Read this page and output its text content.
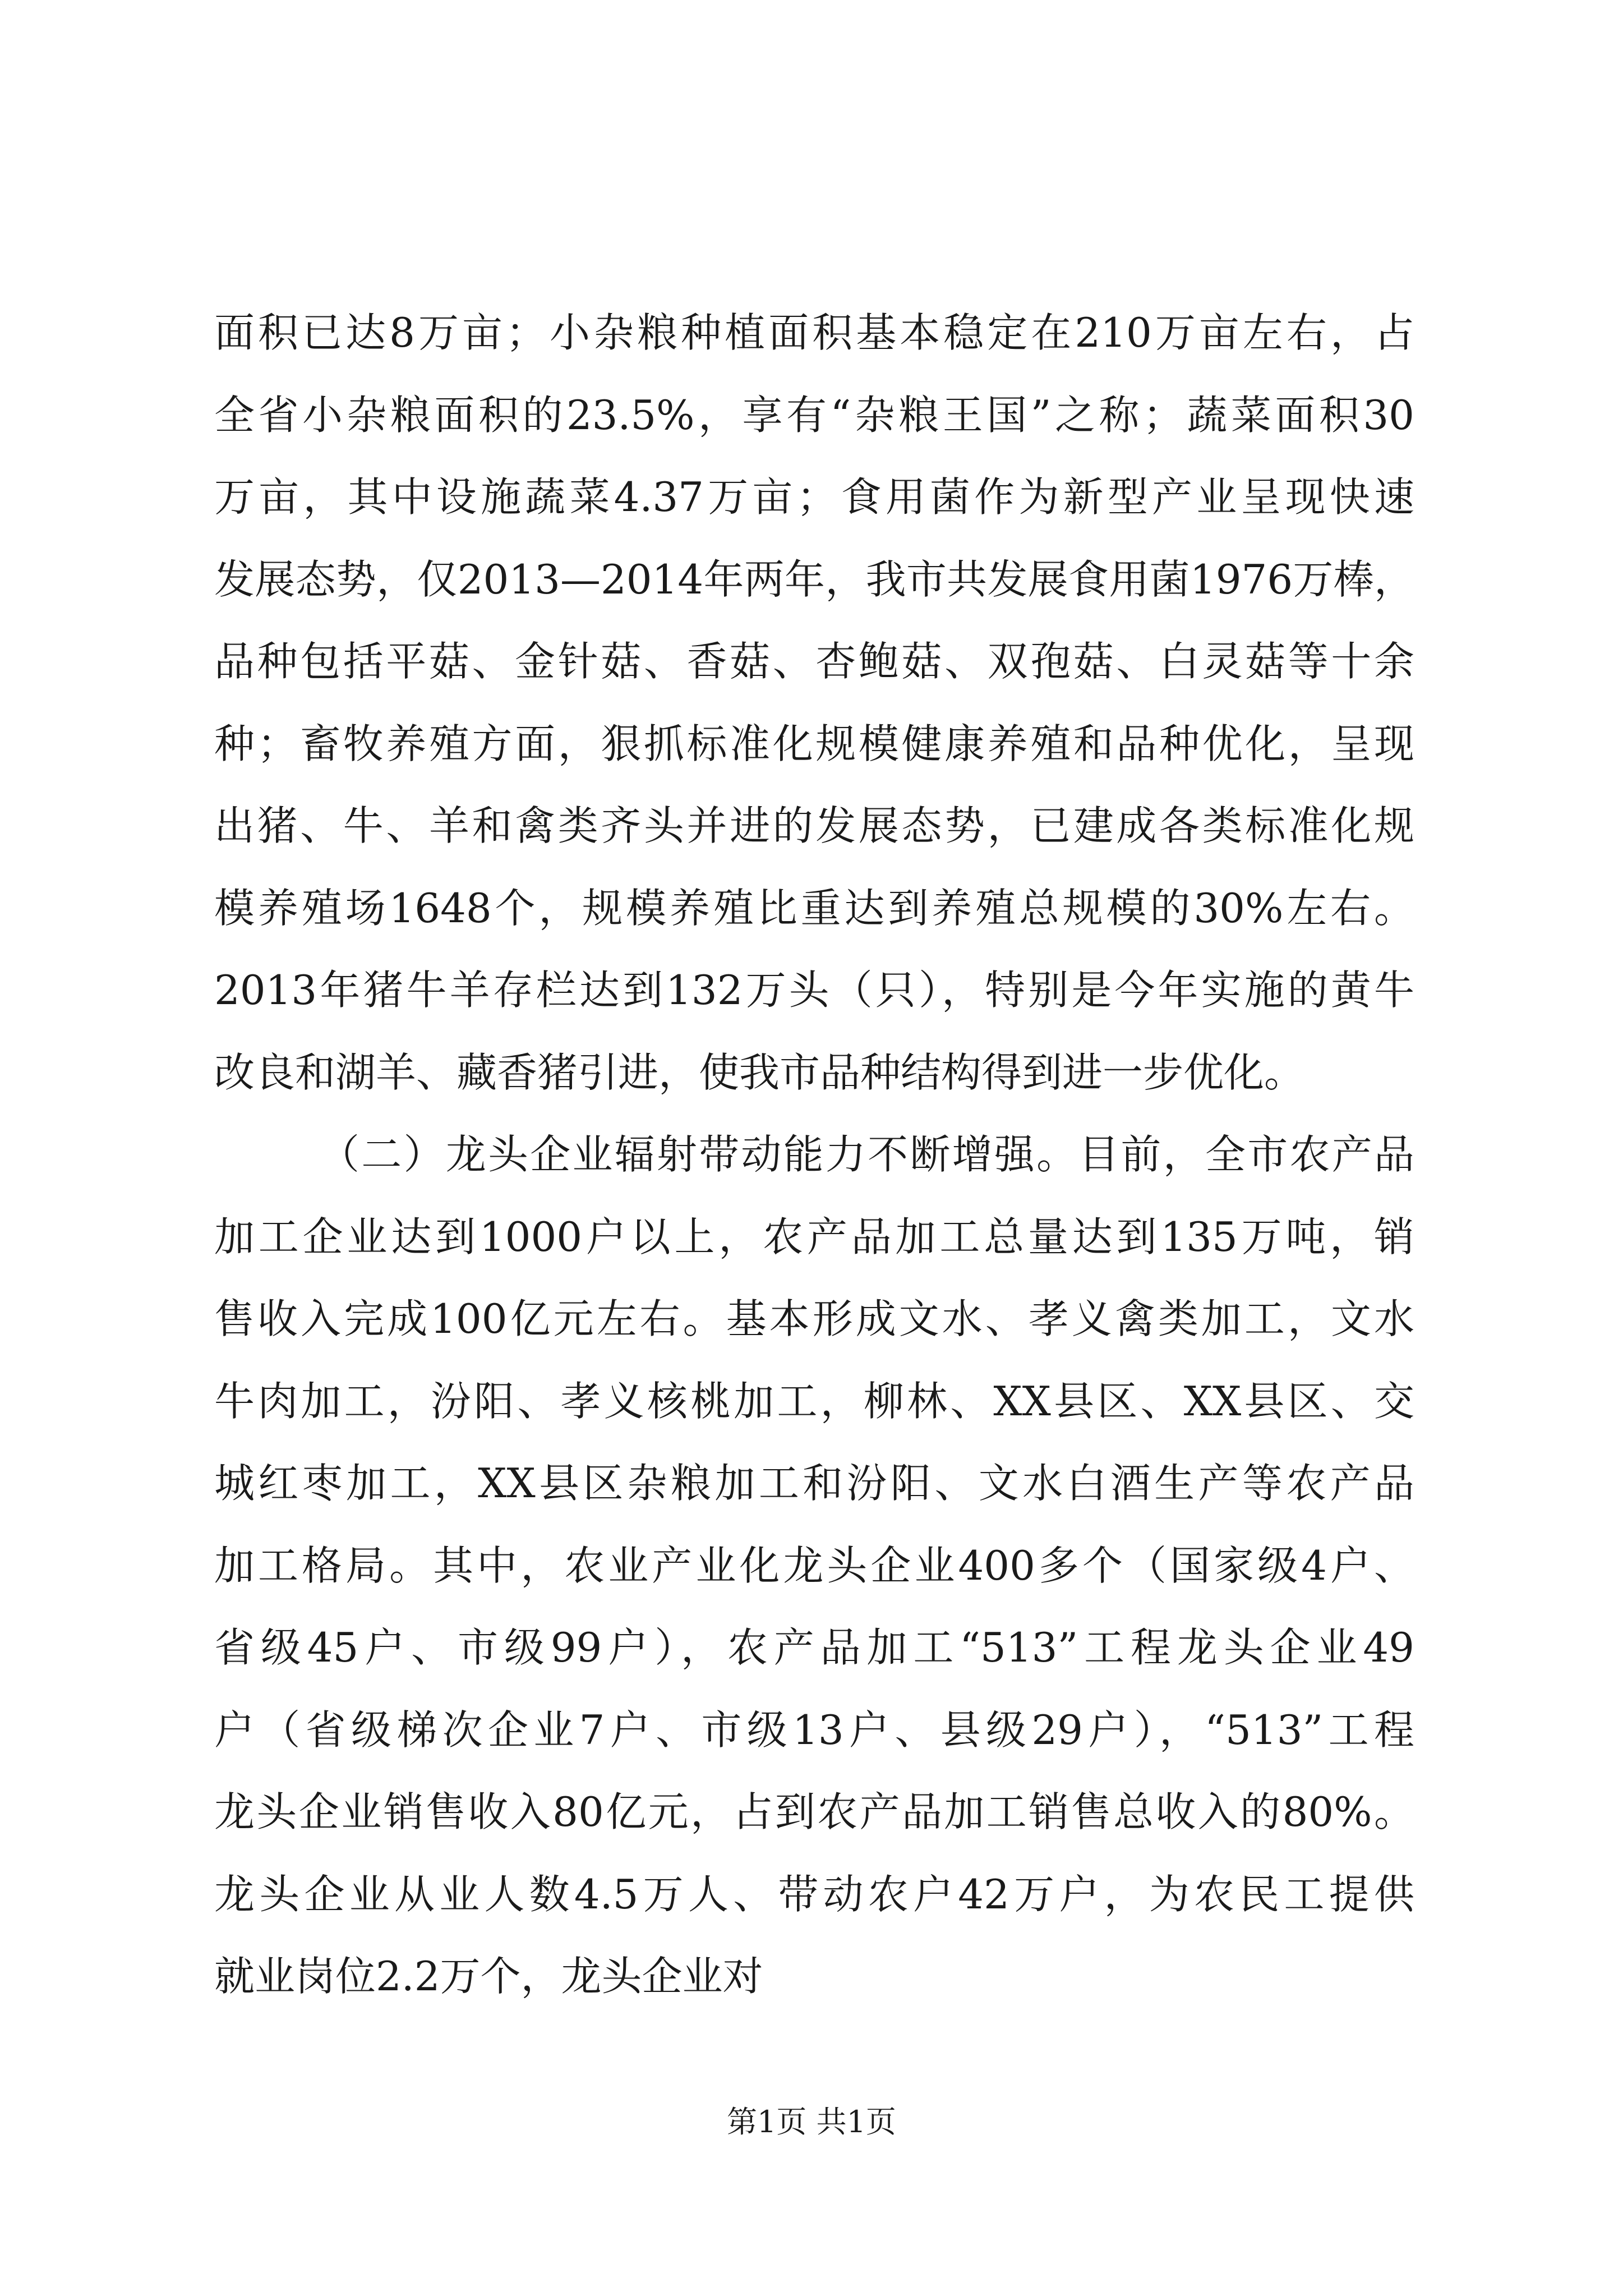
面积已达8万亩；小杂粮种植面积基本稳定在210万亩左右，占
全省小杂粮面积的23.5%，享有“杂粮王国”之称；蔬菜面积30
万亩，其中设施蔬菜4.37万亩；食用菌作为新型产业呈现快速
发展态势，仅2013—2014年两年，我市共发展食用菌1976万棒，
品种包括平菇、金针菇、香菇、杏鲍菇、双孢菇、白灵菇等十余
种；畜牧养殖方面，狠抓标准化规模健康养殖和品种优化，呈现
出猪、牛、羊和禽类齐头并进的发展态势，已建成各类标准化规
模养殖场1648个，规模养殖比重达到养殖总规模的30%左右。
2013年猪牛羊存栏达到132万头（只），特别是今年实施的黄牛
改良和湖羊、藏香猪引进，使我市品种结构得到进一步优化。
（二）龙头企业辐射带动能力不断增强。目前，全市农产品
加工企业达到1000户以上，农产品加工总量达到135万吨，销
售收入完成100亿元左右。基本形成文水、孝义禽类加工，文水
牛肉加工，汾阳、孝义核桃加工，柳林、XX县区、XX县区、交
城红枣加工，XX县区杂粮加工和汾阳、文水白酒生产等农产品
加工格局。其中，农业产业化龙头企业400多个（国家级4户、
省级45户、市级99户），农产品加工“513”工程龙头企业49
户（省级梯次企业7户、市级13户、县级29户），“513”工程
龙头企业销售收入80亿元，占到农产品加工销售总收入的80%。
龙头企业从业人数4.5万人、带动农户42万户，为农民工提供
就业岗位2.2万个，龙头企业对
第1页 共1页
